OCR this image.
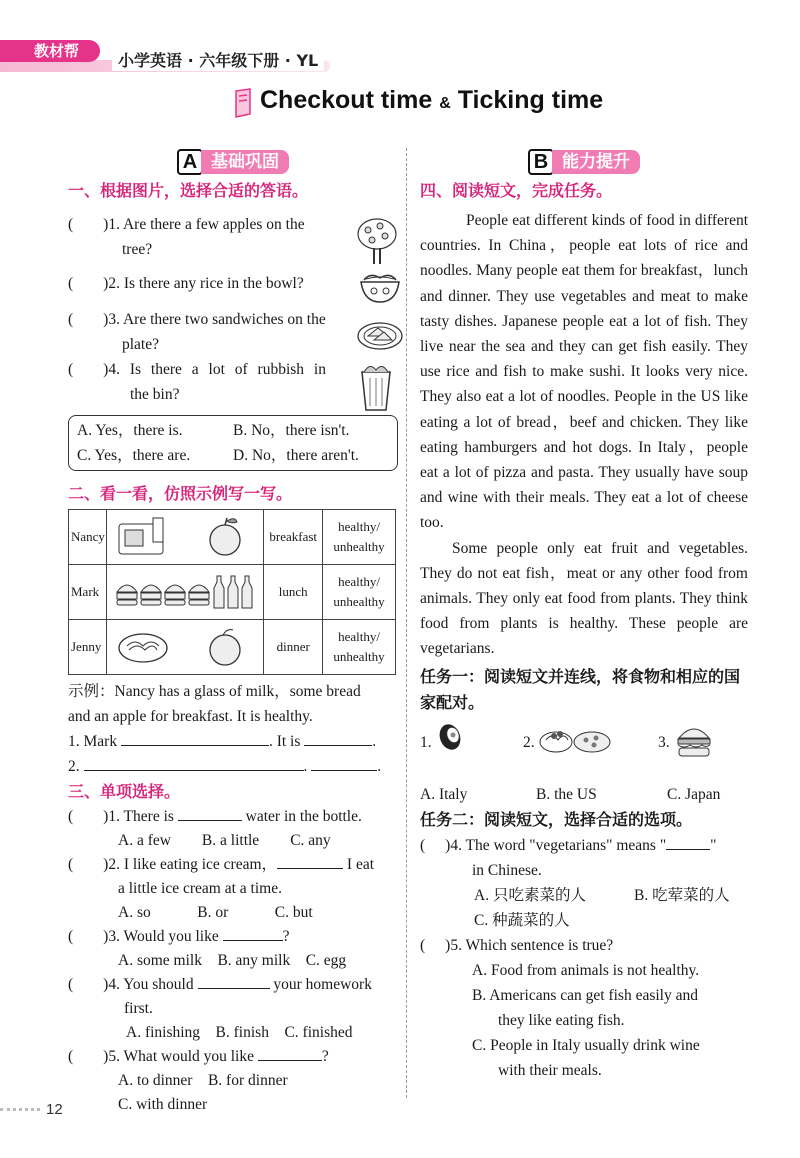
教材帮	小学英语 · 六年级下册 · YL
Checkout time & Ticking time
A 基础巩固
一、根据图片，选择合适的答语。
( )1. Are there a few apples on the
tree?
( )2. Is there any rice in the bowl?
( )3. Are there two sandwiches on the
plate?
( )4. Is there a lot of rubbish in
the bin?
A. Yes，there is.	B. No，there isn't.
C. Yes，there are.	D. No，there aren't.
二、看一看，仿照示例写一写。
Nancy		breakfast	healthy/
unhealthy

Mark		lunch	healthy/
unhealthy

Jenny		dinner	healthy/
unhealthy
示例：Nancy has a glass of milk，some bread
and an apple for breakfast. It is healthy.
1. Mark	. It is	.
2.	.	.
三、单项选择。
( )1. There is	water in the bottle.
A. a few　　B. a little　　C. any
( )2. I like eating ice cream，	I eat
a little ice cream at a time.
A. so　　　B. or　　　C. but
( )3. Would you like	?
A. some milk　B. any milk　C. egg
( )4. You should	your homework
first.
A. finishing　B. finish　C. finished
( )5. What would you like	?
A. to dinner　B. for dinner
C. with dinner
B 能力提升
四、阅读短文，完成任务。
People eat different kinds of food in different countries. In China，people eat lots of rice and noodles. Many people eat them for breakfast，lunch and dinner. They use vegetables and meat to make tasty dishes. Japanese people eat a lot of fish. They live near the sea and they can get fish easily. They use rice and fish to make sushi. It looks very nice. They also eat a lot of noodles. People in the US like eating a lot of bread，beef and chicken. They like eating hamburgers and hot dogs. In Italy，people eat a lot of pizza and pasta. They usually have soup and wine with their meals. They eat a lot of cheese too.
Some people only eat fruit and vegetables. They do not eat fish，meat or any other food from animals. They only eat food from plants. They think food from plants is healthy. These people are vegetarians.
任务一：阅读短文并连线，将食物和相应的国家配对。
1.	2.	3.
A. Italy	B. the US	C. Japan
任务二：阅读短文，选择合适的选项。
( )4. The word "vegetarians" means "	"
in Chinese.
A. 只吃素菜的人	B. 吃荤菜的人
C. 种蔬菜的人
( )5. Which sentence is true?
A. Food from animals is not healthy.
B. Americans can get fish easily and
they like eating fish.
C. People in Italy usually drink wine
with their meals.
12
